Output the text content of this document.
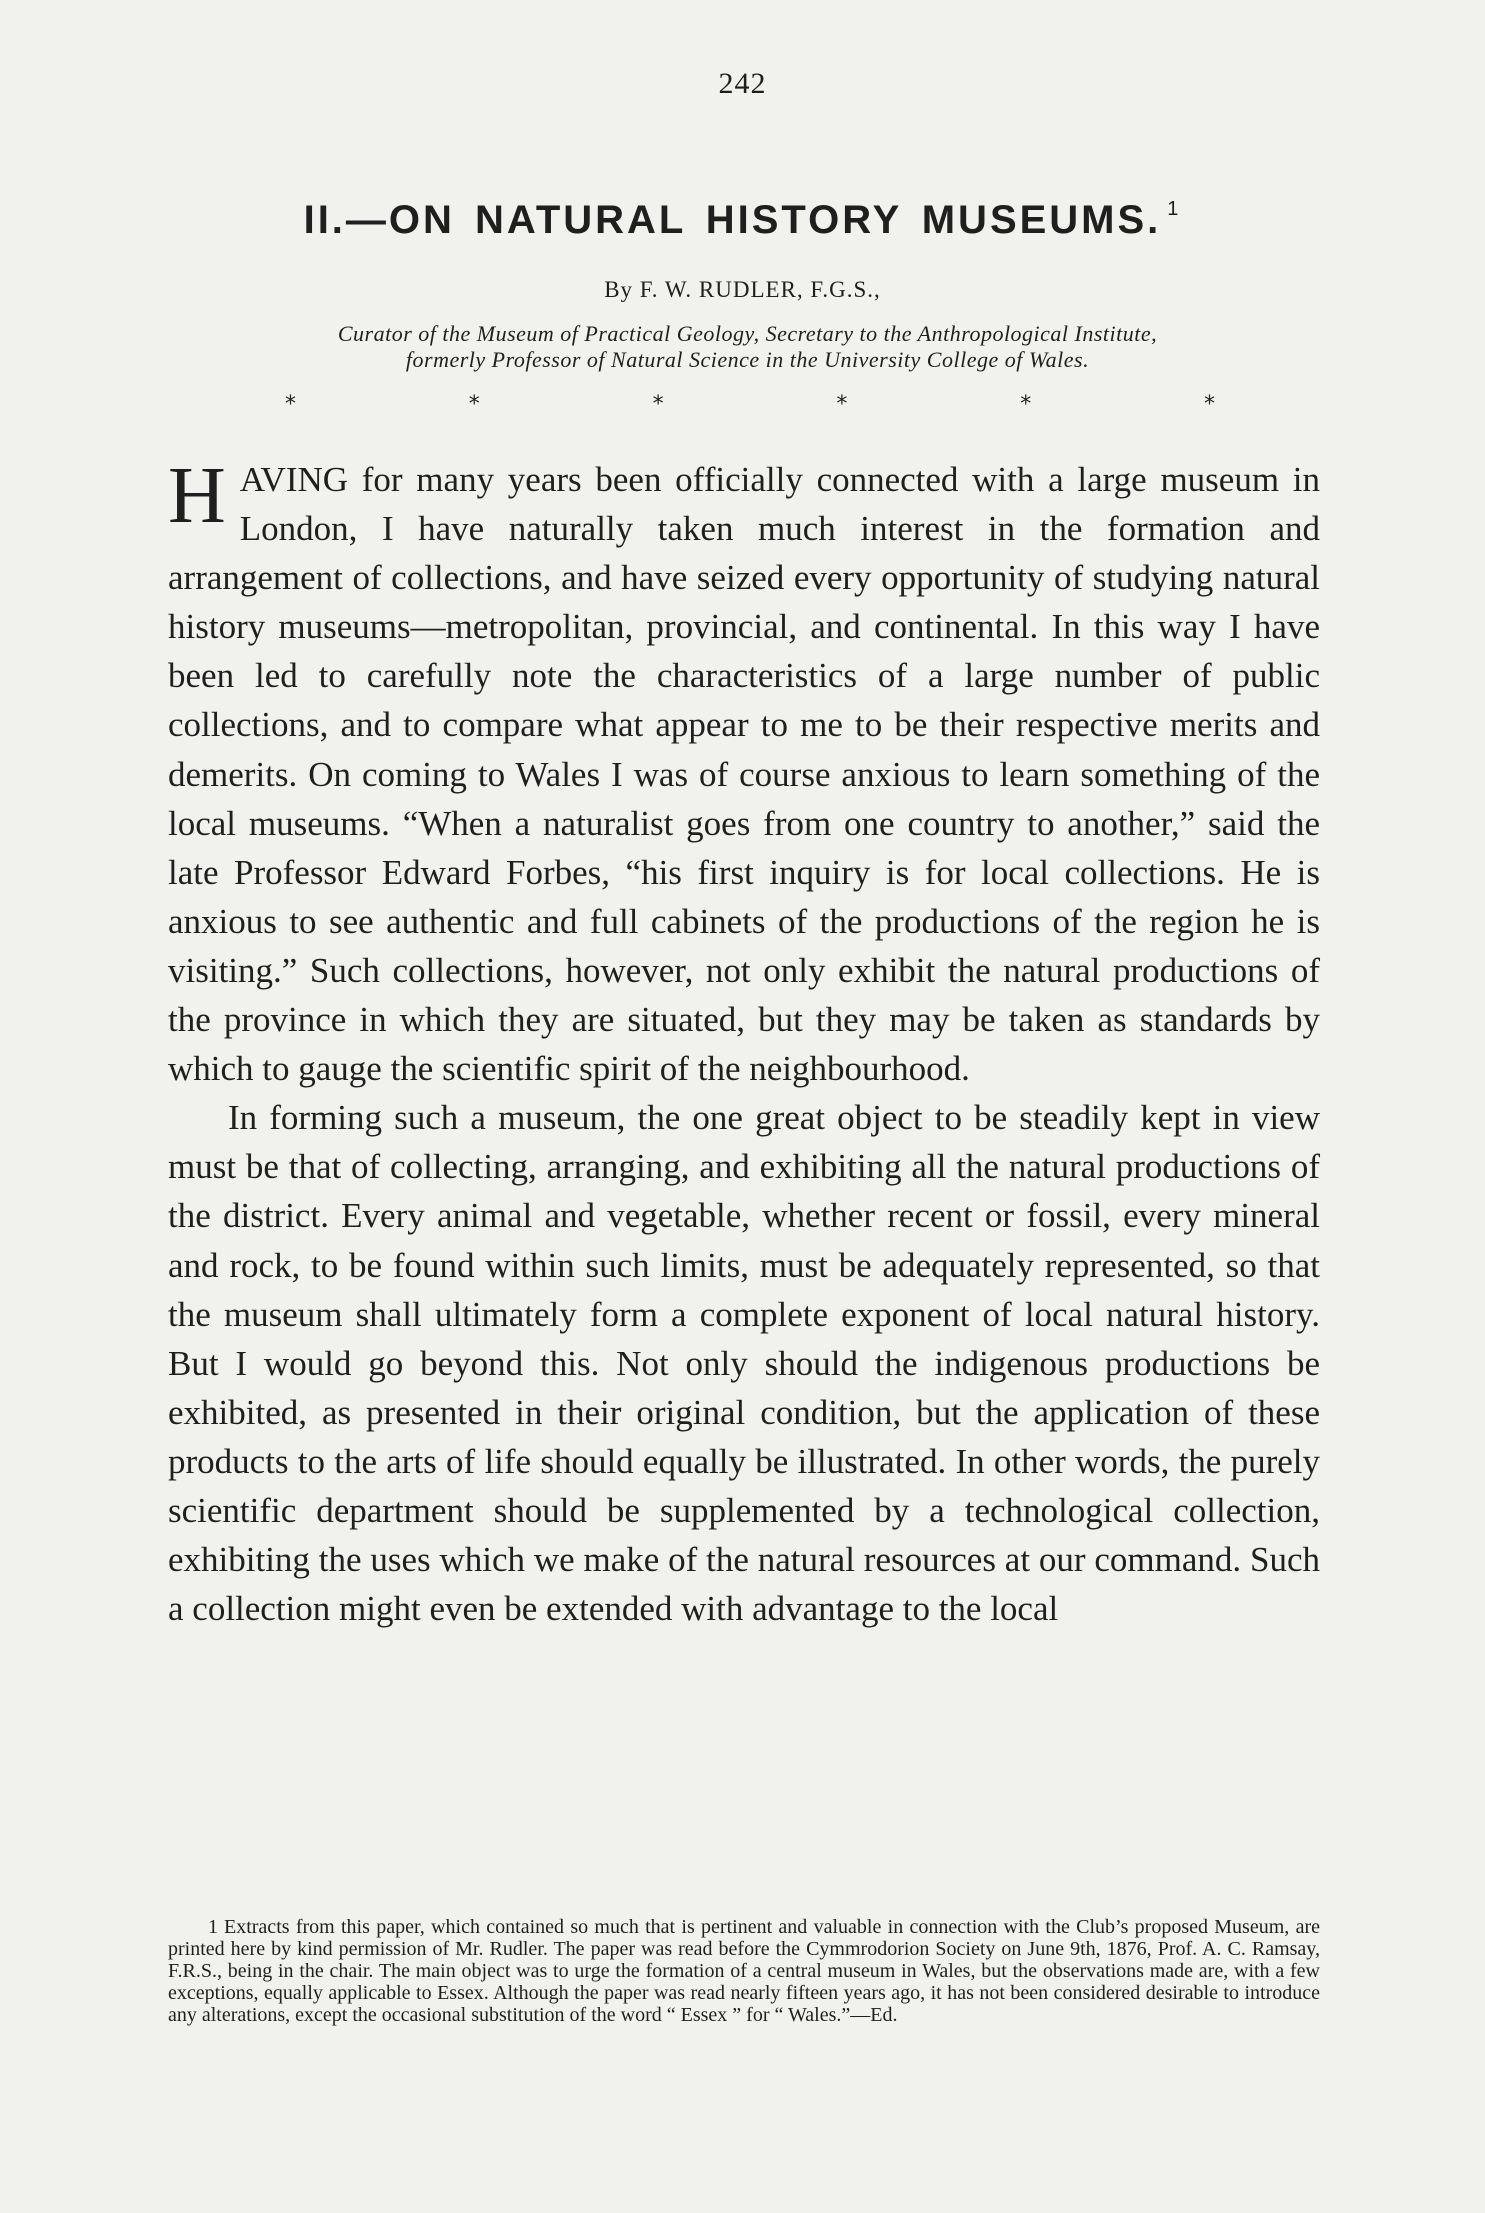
242
II.—ON NATURAL HISTORY MUSEUMS. $^1$
By F. W. RUDLER, F.G.S.,
Curator of the Museum of Practical Geology, Secretary to the Anthropological Institute,
formerly Professor of Natural Science in the University College of Wales.
*	*	*	*	*	*

HAVING for many years been officially connected with a large museum in London, I have naturally taken much interest in the formation and arrangement of collections, and have seized every opportunity of studying natural history museums—metropolitan, provincial, and continental. In this way I have been led to carefully note the characteristics of a large number of public collections, and to compare what appear to me to be their respective merits and demerits. On coming to Wales I was of course anxious to learn something of the local museums. “When a naturalist goes from one country to another,” said the late Professor Edward Forbes, “his first inquiry is for local collections. He is anxious to see authentic and full cabinets of the productions of the region he is visiting.” Such collections, however, not only exhibit the natural productions of the province in which they are situated, but they may be taken as standards by which to gauge the scientific spirit of the neighbourhood.

In forming such a museum, the one great object to be steadily kept in view must be that of collecting, arranging, and exhibiting all the natural productions of the district. Every animal and vegetable, whether recent or fossil, every mineral and rock, to be found within such limits, must be adequately represented, so that the museum shall ultimately form a complete exponent of local natural history. But I would go beyond this. Not only should the indigenous productions be exhibited, as presented in their original condition, but the application of these products to the arts of life should equally be illustrated. In other words, the purely scientific department should be supplemented by a technological collection, exhibiting the uses which we make of the natural resources at our command. Such a collection might even be extended with advantage to the local

1 Extracts from this paper, which contained so much that is pertinent and valuable in connection with the Club’s proposed Museum, are printed here by kind permission of Mr. Rudler. The paper was read before the Cymmrodorion Society on June 9th, 1876, Prof. A. C. Ramsay, F.R.S., being in the chair. The main object was to urge the formation of a central museum in Wales, but the observations made are, with a few exceptions, equally applicable to Essex. Although the paper was read nearly fifteen years ago, it has not been considered desirable to introduce any alterations, except the occasional substitution of the word “ Essex ” for “ Wales.”—Ed.
